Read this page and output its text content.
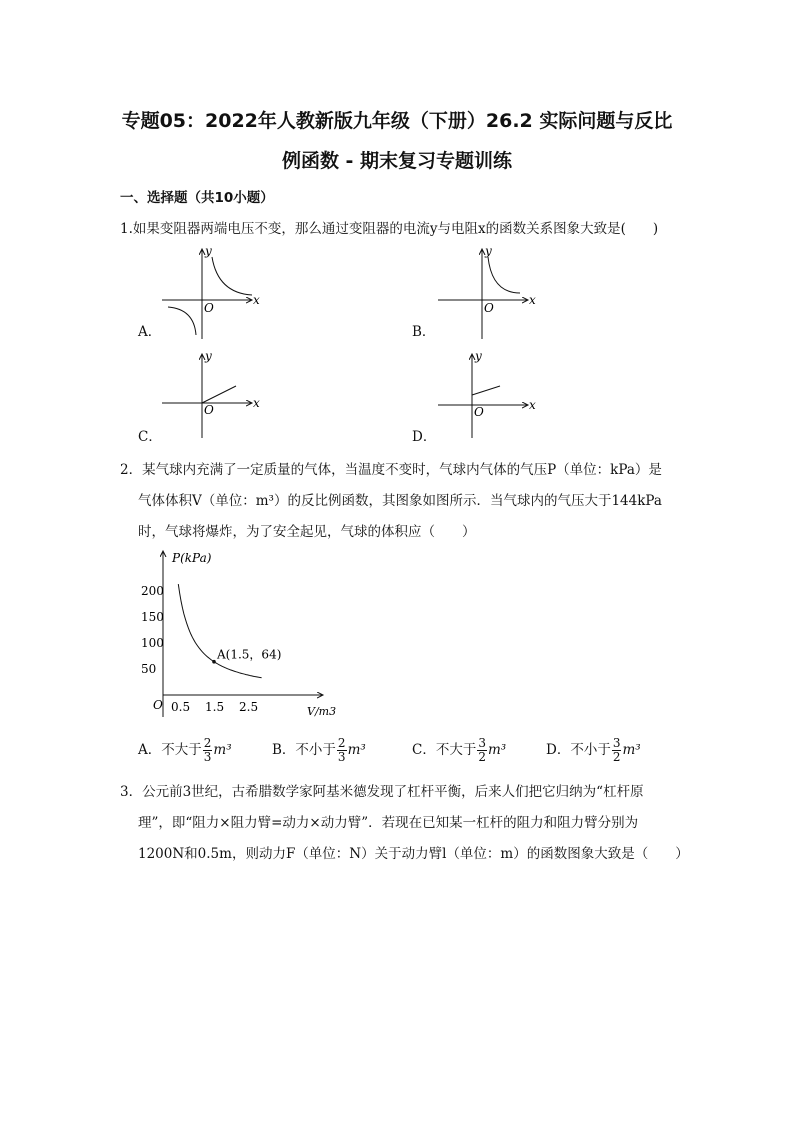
专题05：2022年人教新版九年级（下册）26.2 实际问题与反比
例函数 - 期末复习专题训练
一、选择题（共10小题）
1.如果变阻器两端电压不变，那么通过变阻器的电流y与电阻x的函数关系图象大致是(　　)
x
y
O
A．
x
y
O
B．
x
y
O
C．
x
y
O
D．
2．某气球内充满了一定质量的气体，当温度不变时，气球内气体的气压P（单位：kPa）是
气体体积V（单位：m³）的反比例函数，其图象如图所示．当气球内的气压大于144kPa
时，气球将爆炸，为了安全起见，气球的体积应（　　）
P(kPa)
V/m3
O
50
100
150
200
0.5 1.5 2.5
A(1.5，64)
A．不大于 $\frac{2}{3} m^3$	B．不小于 $\frac{2}{3} m^3$	C．不大于 $\frac{3}{2} m^3$	D．不小于 $\frac{3}{2} m^3$
3．公元前3世纪，古希腊数学家阿基米德发现了杠杆平衡，后来人们把它归纳为“杠杆原
理”，即“阻力×阻力臂=动力×动力臂”．若现在已知某一杠杆的阻力和阻力臂分别为
1200N和0.5m，则动力F（单位：N）关于动力臂l（单位：m）的函数图象大致是（　　）
